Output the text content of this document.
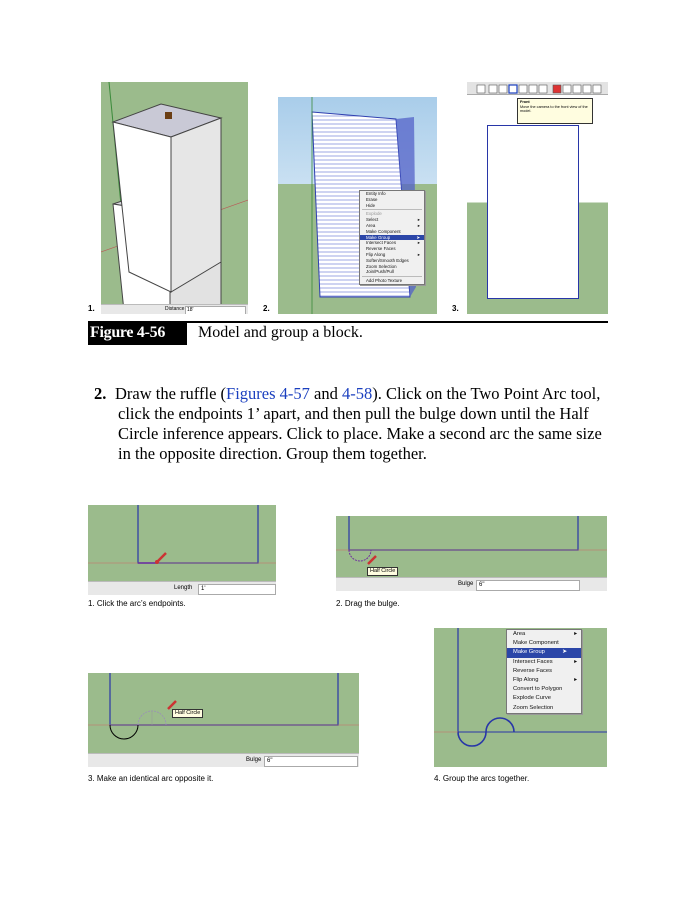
Distance 18'
1.
Entity Info
Erase
Hide
Explode
Select	▸
Area	▸
Make Component
Make Group	➤
Intersect Faces	▸
Reverse Faces
Flip Along	▸
Soften/Smooth Edges
Zoom Selection
Join/Push/Pull
Add Photo Texture
2.
Front
Move the camera to the front view of the model.
3.
Figure 4-56 Model and group a block.
2. Draw the ruffle (Figures 4-57 and 4-58). Click on the Two Point Arc tool, click the endpoints 1’ apart, and then pull the bulge down until the Half Circle inference appears. Click to place. Make a second arc the same size in the opposite direction. Group them together.
Length	1'
1. Click the arc’s endpoints.
Half Circle
Bulge 6"
2. Drag the bulge.
Half Circle
Bulge 6"
3. Make an identical arc opposite it.
Area	▸
Make Component
Make Group	➤
Intersect Faces	▸
Reverse Faces
Flip Along	▸
Convert to Polygon
Explode Curve
Zoom Selection
4. Group the arcs together.
